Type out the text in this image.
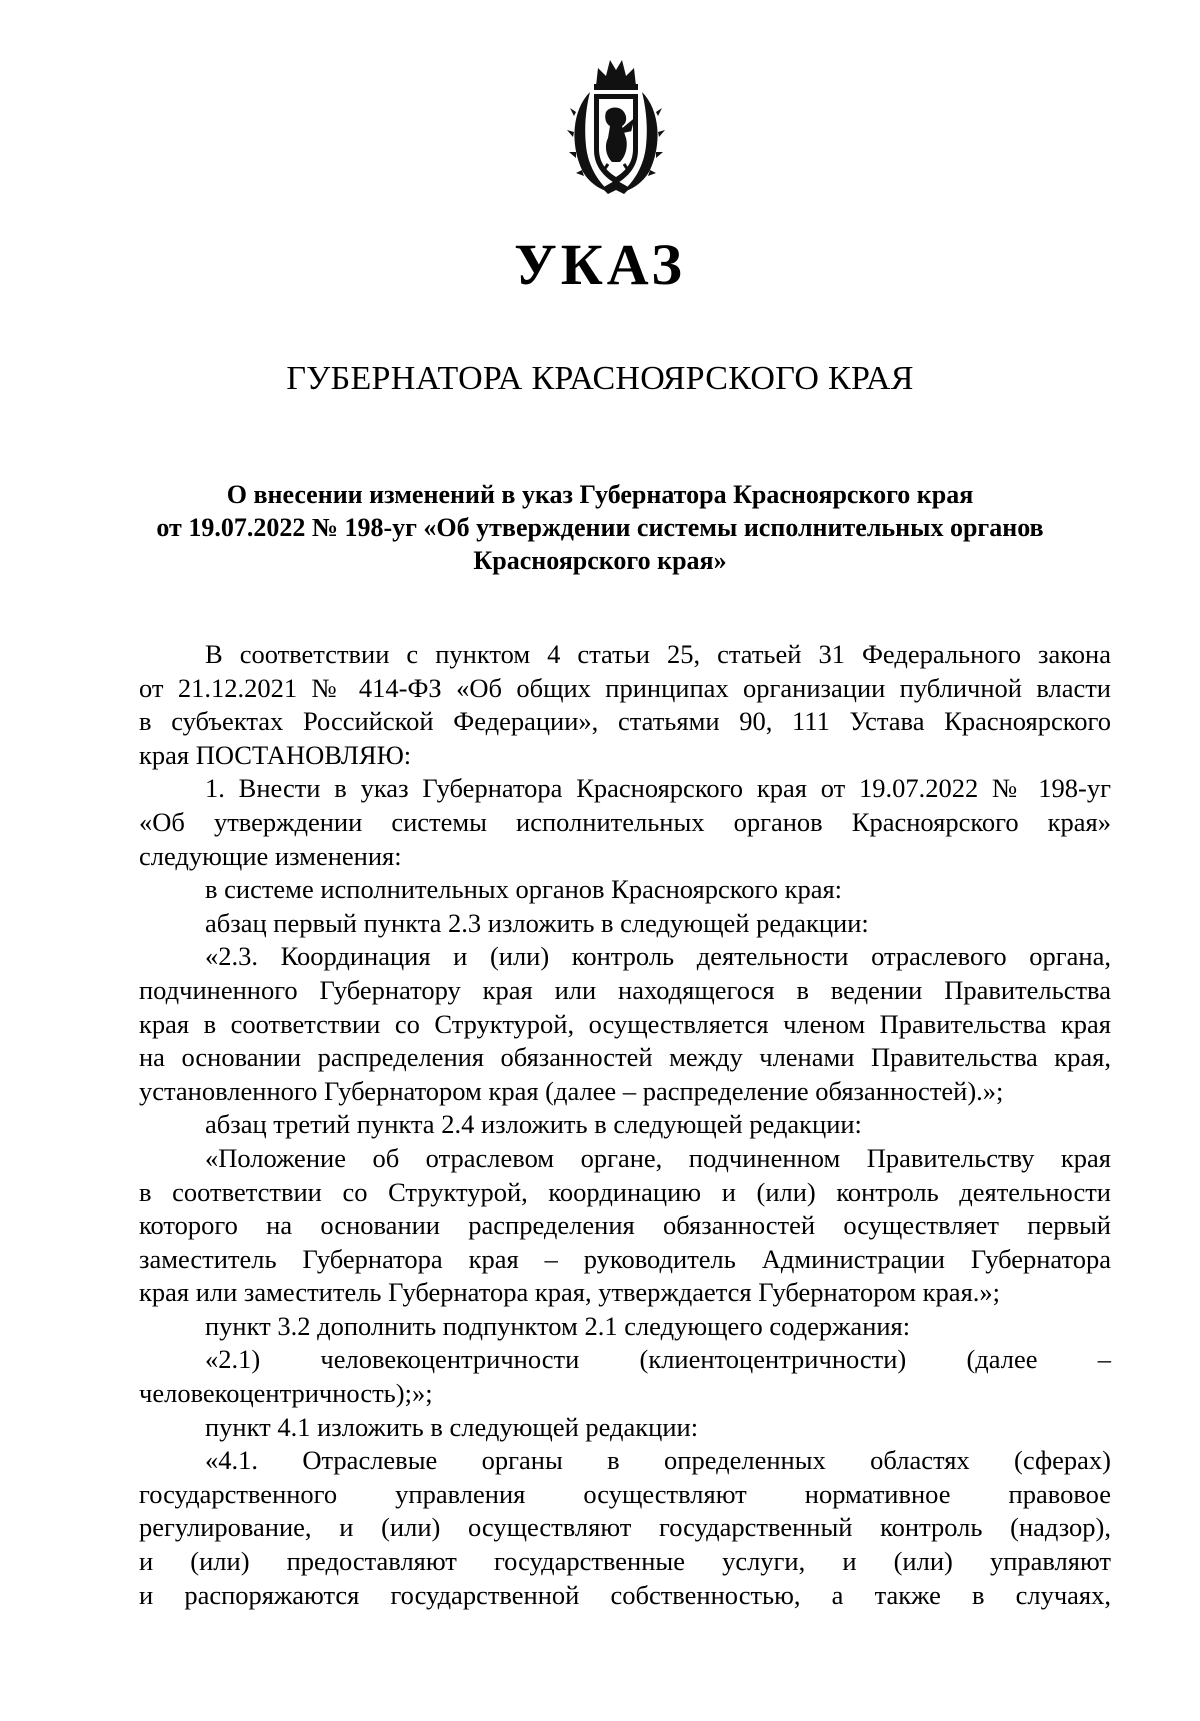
УКАЗ
ГУБЕРНАТОРА КРАСНОЯРСКОГО КРАЯ
О внесении изменений в указ Губернатора Красноярского края
от 19.07.2022 № 198-уг «Об утверждении системы исполнительных органов
Красноярского края»
В соответствии с пунктом 4 статьи 25, статьей 31 Федерального закона
от 21.12.2021 № 414-ФЗ «Об общих принципах организации публичной власти
в субъектах Российской Федерации», статьями 90, 111 Устава Красноярского
края ПОСТАНОВЛЯЮ:
1. Внести в указ Губернатора Красноярского края от 19.07.2022 № 198-уг
«Об утверждении системы исполнительных органов Красноярского края»
следующие изменения:
в системе исполнительных органов Красноярского края:
абзац первый пункта 2.3 изложить в следующей редакции:
«2.3. Координация и (или) контроль деятельности отраслевого органа,
подчиненного Губернатору края или находящегося в ведении Правительства
края в соответствии со Структурой, осуществляется членом Правительства края
на основании распределения обязанностей между членами Правительства края,
установленного Губернатором края (далее – распределение обязанностей).»;
абзац третий пункта 2.4 изложить в следующей редакции:
«Положение об отраслевом органе, подчиненном Правительству края
в соответствии со Структурой, координацию и (или) контроль деятельности
которого на основании распределения обязанностей осуществляет первый
заместитель Губернатора края – руководитель Администрации Губернатора
края или заместитель Губернатора края, утверждается Губернатором края.»;
пункт 3.2 дополнить подпунктом 2.1 следующего содержания:
«2.1) человекоцентричности (клиентоцентричности) (далее –
человекоцентричность);»;
пункт 4.1 изложить в следующей редакции:
«4.1. Отраслевые органы в определенных областях (сферах)
государственного управления осуществляют нормативное правовое
регулирование, и (или) осуществляют государственный контроль (надзор),
и (или) предоставляют государственные услуги, и (или) управляют
и распоряжаются государственной собственностью, а также в случаях,
